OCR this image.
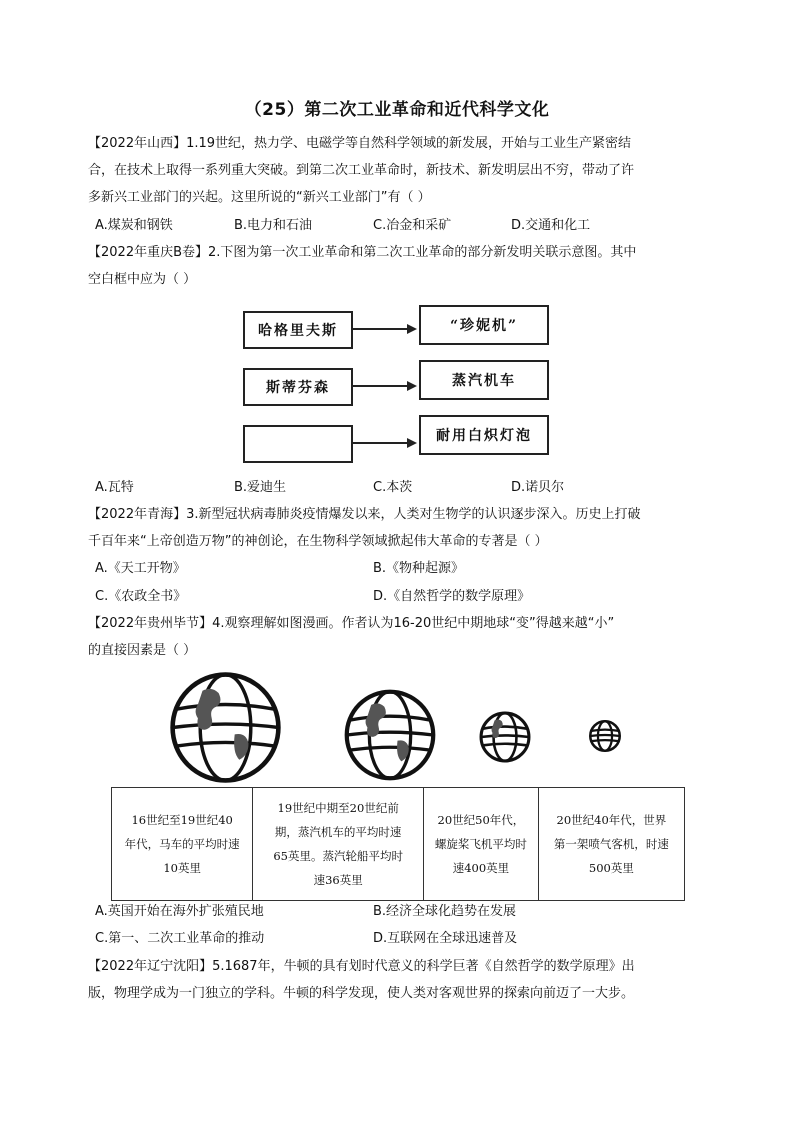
（25）第二次工业革命和近代科学文化
【2022年山西】1.19世纪，热力学、电磁学等自然科学领域的新发展，开始与工业生产紧密结
合，在技术上取得一系列重大突破。到第二次工业革命时，新技术、新发明层出不穷，带动了许
多新兴工业部门的兴起。这里所说的“新兴工业部门”有（ ）
A.煤炭和钢铁	B.电力和石油	C.冶金和采矿	D.交通和化工
【2022年重庆B卷】2.下图为第一次工业革命和第二次工业革命的部分新发明关联示意图。其中
空白框中应为（ ）
哈格里夫斯
斯蒂芬森
“珍妮机”
蒸汽机车
耐用白炽灯泡
A.瓦特	B.爱迪生	C.本茨	D.诺贝尔
【2022年青海】3.新型冠状病毒肺炎疫情爆发以来，人类对生物学的认识逐步深入。历史上打破
千百年来“上帝创造万物”的神创论，在生物科学领域掀起伟大革命的专著是（ ）
A.《天工开物》	B.《物种起源》
C.《农政全书》	D.《自然哲学的数学原理》
【2022年贵州毕节】4.观察理解如图漫画。作者认为16-20世纪中期地球“变”得越来越“小”
的直接因素是（ ）
16世纪至19世纪40
年代，马车的平均时速
10英里

19世纪中期至20世纪前
期，蒸汽机车的平均时速
65英里。蒸汽轮船平均时
速36英里

20世纪50年代，
螺旋桨飞机平均时
速400英里

20世纪40年代，世界
第一架喷气客机，时速
500英里
A.英国开始在海外扩张殖民地	B.经济全球化趋势在发展
C.第一、二次工业革命的推动	D.互联网在全球迅速普及
【2022年辽宁沈阳】5.1687年，牛顿的具有划时代意义的科学巨著《自然哲学的数学原理》出
版，物理学成为一门独立的学科。牛顿的科学发现，使人类对客观世界的探索向前迈了一大步。
